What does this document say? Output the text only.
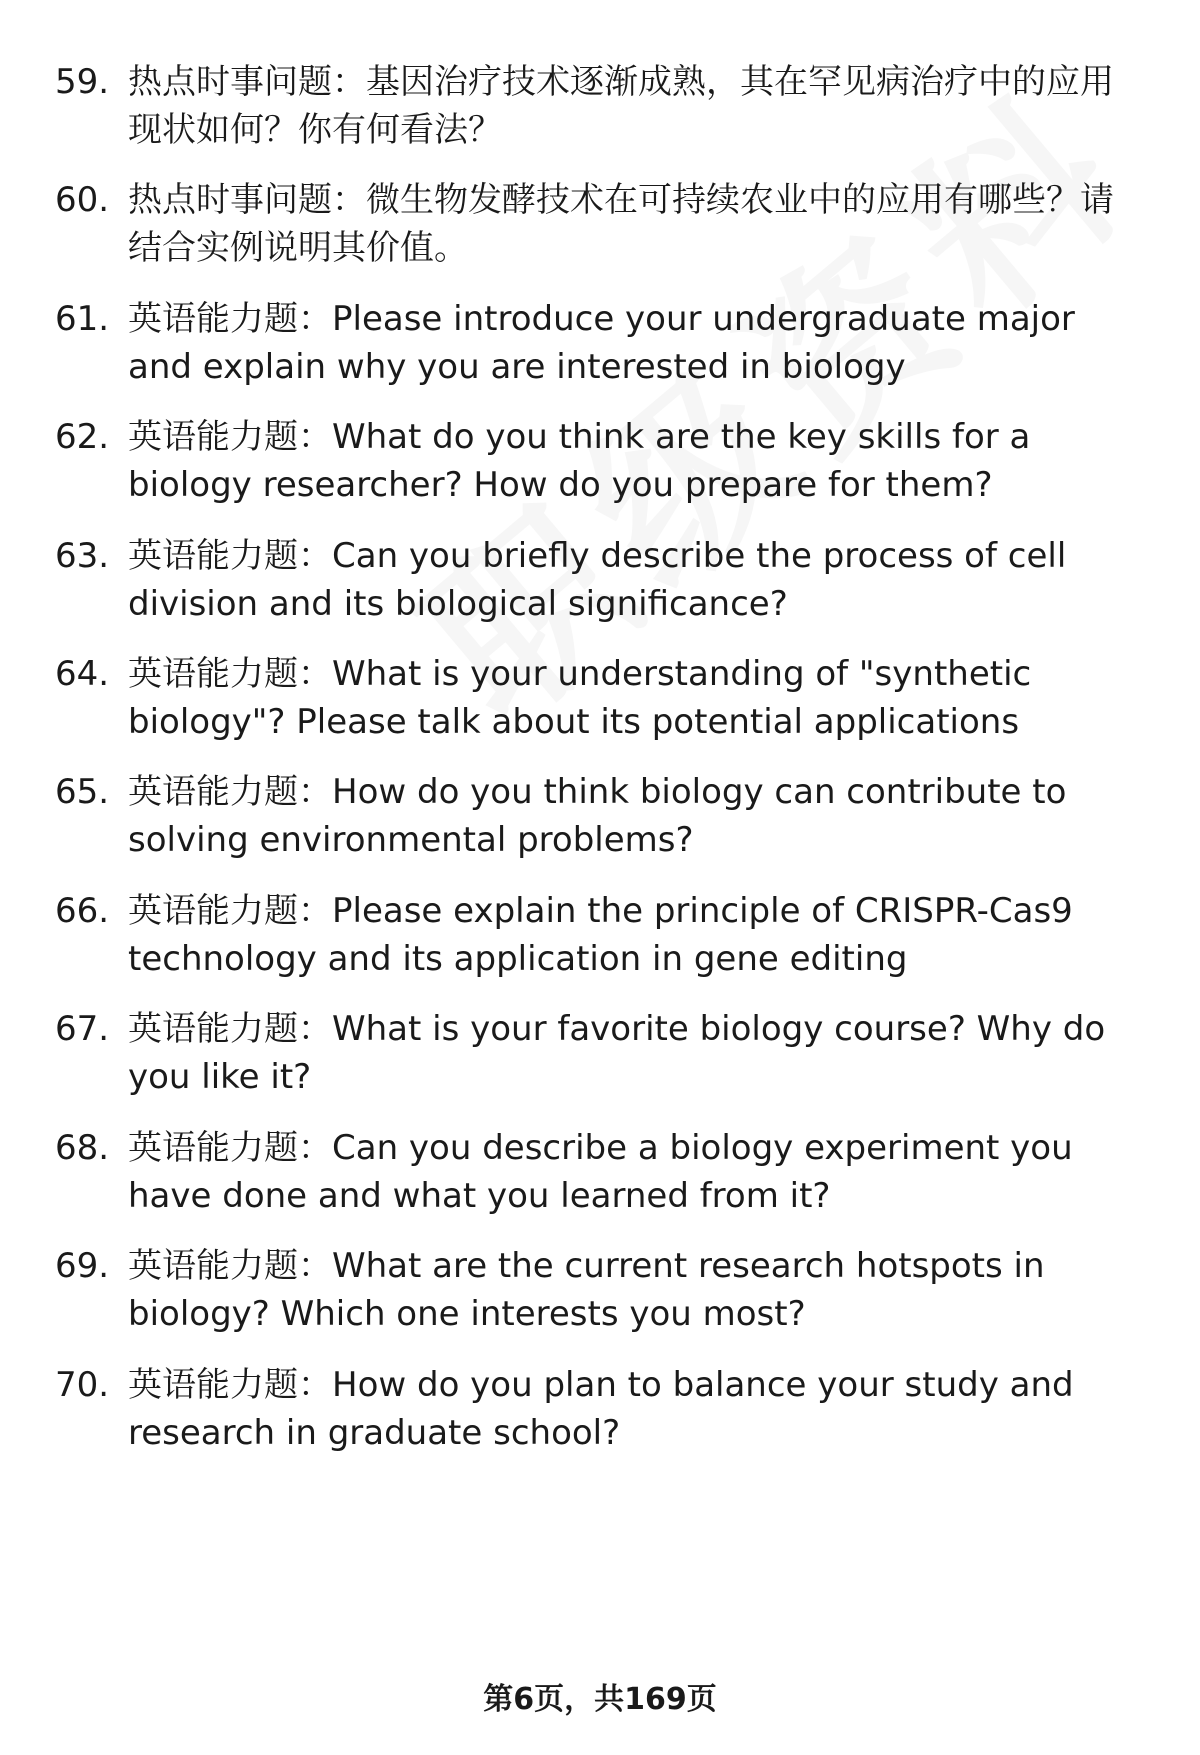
59. 热点时事问题：基因治疗技术逐渐成熟，其在罕见病治疗中的应用现状如何？你有何看法？
60. 热点时事问题：微生物发酵技术在可持续农业中的应用有哪些？请结合实例说明其价值。
61. 英语能力题：Please introduce your undergraduate major and explain why you are interested in biology
62. 英语能力题：What do you think are the key skills for a biology researcher? How do you prepare for them?
63. 英语能力题：Can you briefly describe the process of cell division and its biological significance?
64. 英语能力题：What is your understanding of "synthetic biology"? Please talk about its potential applications
65. 英语能力题：How do you think biology can contribute to solving environmental problems?
66. 英语能力题：Please explain the principle of CRISPR-Cas9 technology and its application in gene editing
67. 英语能力题：What is your favorite biology course? Why do you like it?
68. 英语能力题：Can you describe a biology experiment you have done and what you learned from it?
69. 英语能力题：What are the current research hotspots in biology? Which one interests you most?
70. 英语能力题：How do you plan to balance your study and research in graduate school?
第6页，共169页
